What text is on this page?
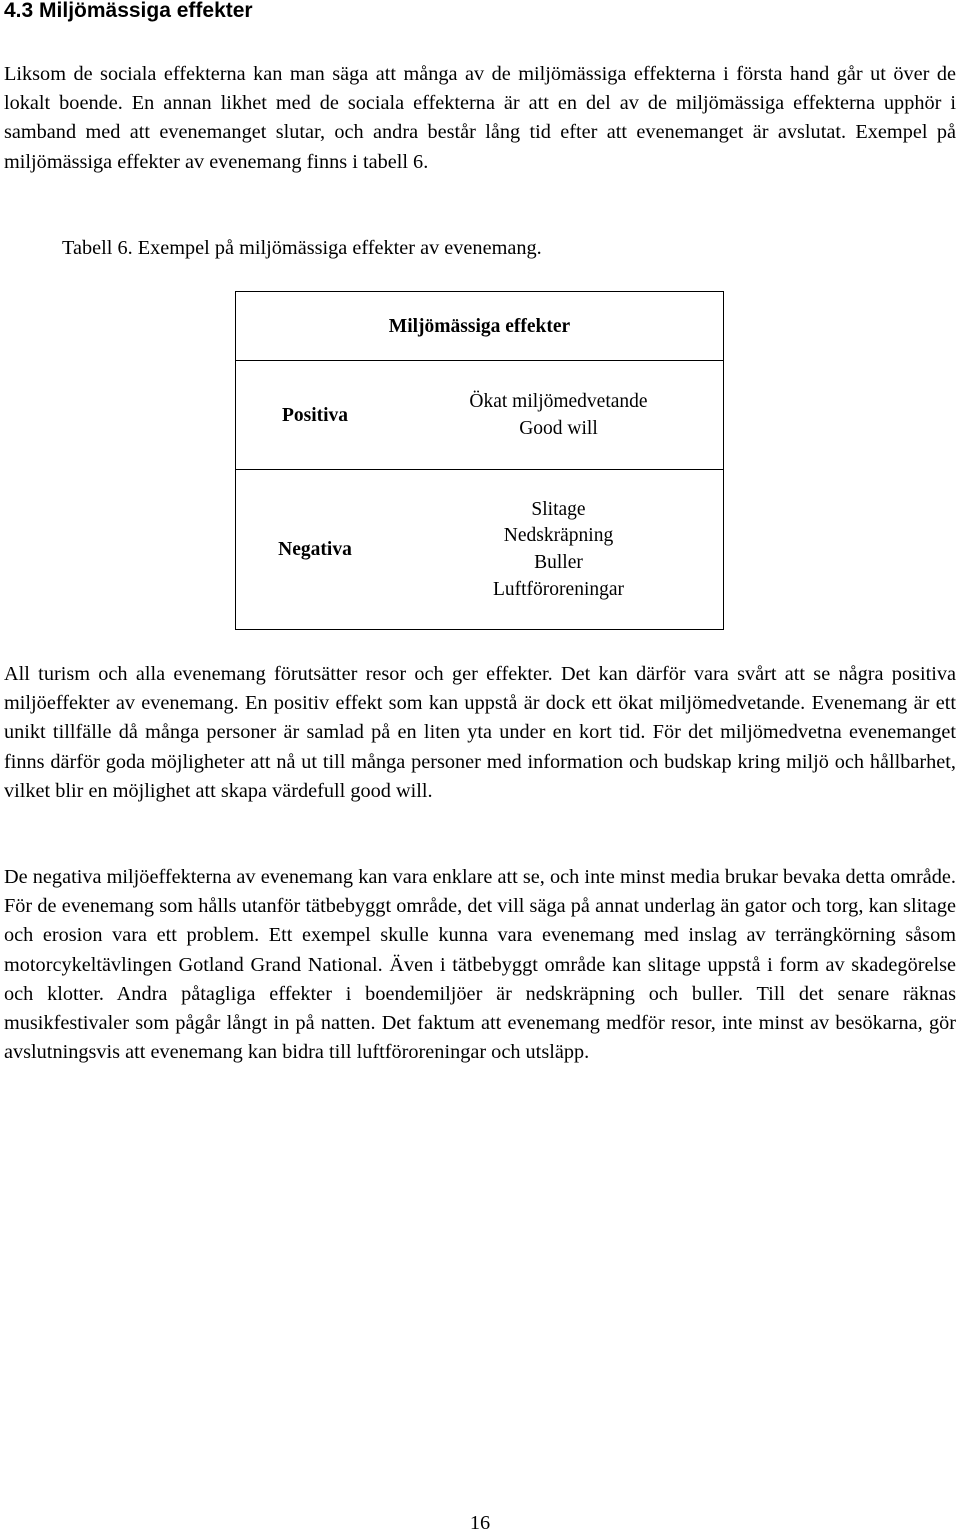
4.3 Miljömässiga effekter

Liksom de sociala effekterna kan man säga att många av de miljömässiga effekterna i första hand går ut över de lokalt boende. En annan likhet med de sociala effekterna är att en del av de miljömässiga effekterna upphör i samband med att evenemanget slutar, och andra består lång tid efter att evenemanget är avslutat. Exempel på miljömässiga effekter av evenemang finns i tabell 6.

Tabell 6. Exempel på miljömässiga effekter av evenemang.

Miljömässiga effekter
Positiva
Ökat miljömedvetande
Good will
Negativa
Slitage
Nedskräpning
Buller
Luftföroreningar

All turism och alla evenemang förutsätter resor och ger effekter. Det kan därför vara svårt att se några positiva miljöeffekter av evenemang. En positiv effekt som kan uppstå är dock ett ökat miljömedvetande. Evenemang är ett unikt tillfälle då många personer är samlad på en liten yta under en kort tid. För det miljömedvetna evenemanget finns därför goda möjligheter att nå ut till många personer med information och budskap kring miljö och hållbarhet, vilket blir en möjlighet att skapa värdefull good will.

De negativa miljöeffekterna av evenemang kan vara enklare att se, och inte minst media brukar bevaka detta område. För de evenemang som hålls utanför tätbebyggt område, det vill säga på annat underlag än gator och torg, kan slitage och erosion vara ett problem. Ett exempel skulle kunna vara evenemang med inslag av terrängkörning såsom motorcykeltävlingen Gotland Grand National. Även i tätbebyggt område kan slitage uppstå i form av skadegörelse och klotter. Andra påtagliga effekter i boendemiljöer är nedskräpning och buller. Till det senare räknas musikfestivaler som pågår långt in på natten. Det faktum att evenemang medför resor, inte minst av besökarna, gör avslutningsvis att evenemang kan bidra till luftföroreningar och utsläpp.

16
